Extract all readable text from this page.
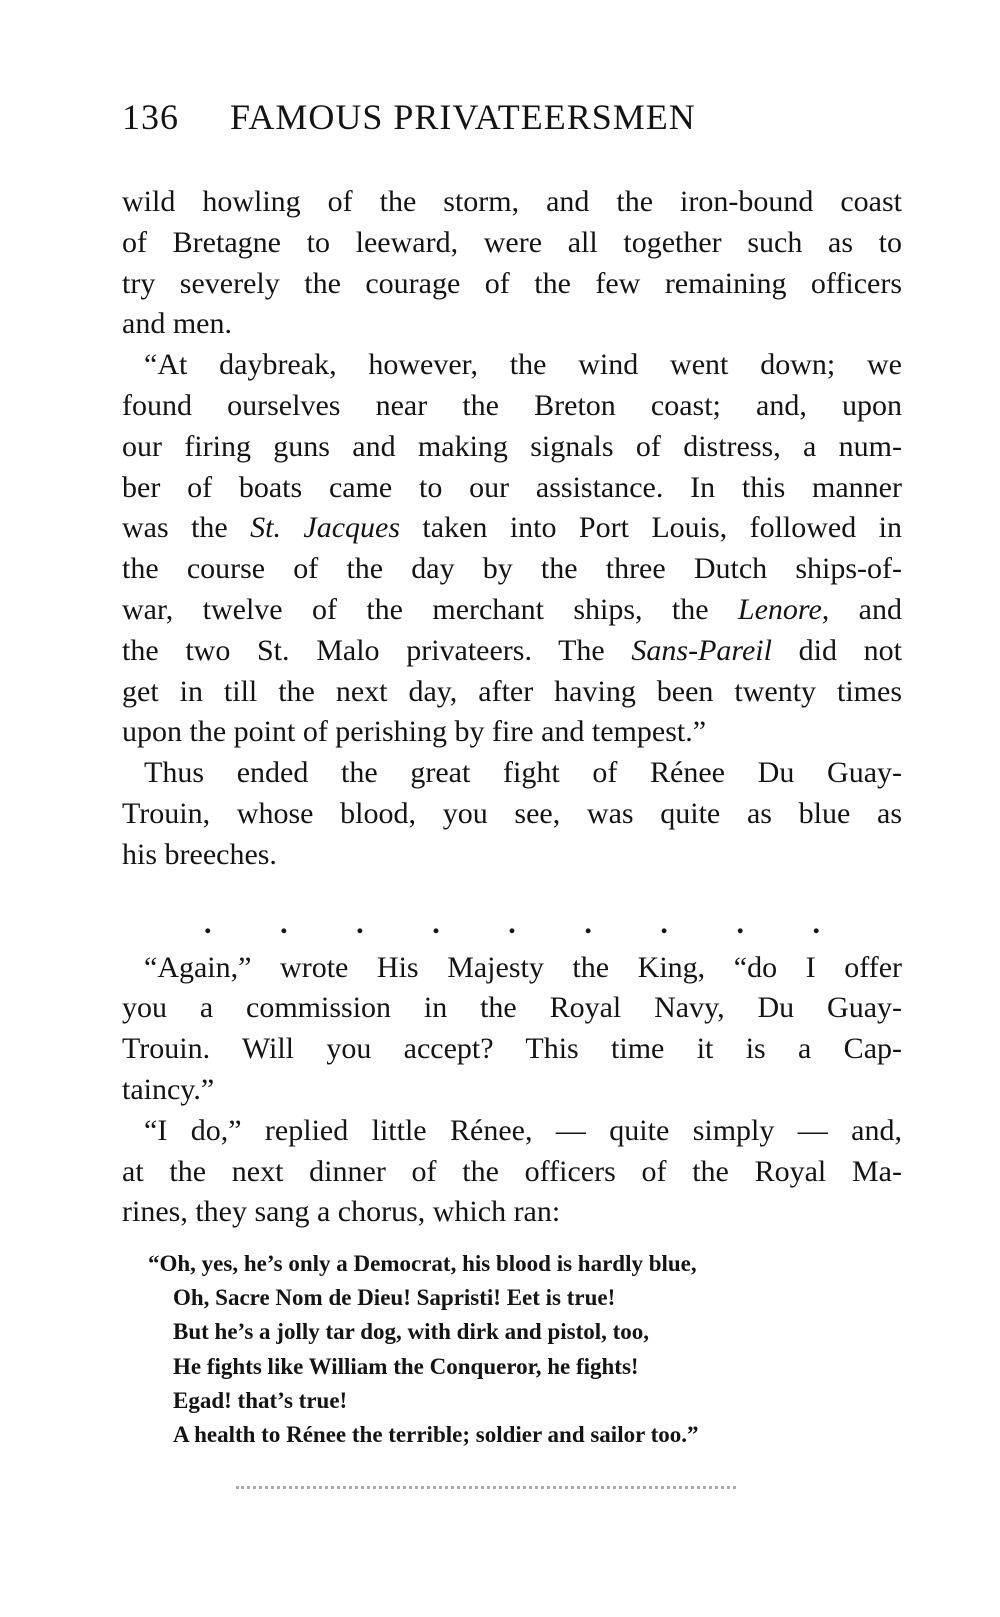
136 FAMOUS PRIVATEERSMEN
wild howling of the storm, and the iron-bound coast
of Bretagne to leeward, were all together such as to
try severely the courage of the few remaining officers
and men.
“At daybreak, however, the wind went down; we
found ourselves near the Breton coast; and, upon
our firing guns and making signals of distress, a num-
ber of boats came to our assistance. In this manner
was the St. Jacques taken into Port Louis, followed in
the course of the day by the three Dutch ships-of-
war, twelve of the merchant ships, the Lenore, and
the two St. Malo privateers. The Sans-Pareil did not
get in till the next day, after having been twenty times
upon the point of perishing by fire and tempest.”
Thus ended the great fight of Rénee Du Guay-
Trouin, whose blood, you see, was quite as blue as
his breeches.
. . . . . . . . .
“Again,” wrote His Majesty the King, “do I offer
you a commission in the Royal Navy, Du Guay-
Trouin. Will you accept? This time it is a Cap-
taincy.”
“I do,” replied little Rénee, — quite simply — and,
at the next dinner of the officers of the Royal Ma-
rines, they sang a chorus, which ran:
“Oh, yes, he’s only a Democrat, his blood is hardly blue,
Oh, Sacre Nom de Dieu! Sapristi! Eet is true!
But he’s a jolly tar dog, with dirk and pistol, too,
He fights like William the Conqueror, he fights!
Egad! that’s true!
A health to Rénee the terrible; soldier and sailor too.”
